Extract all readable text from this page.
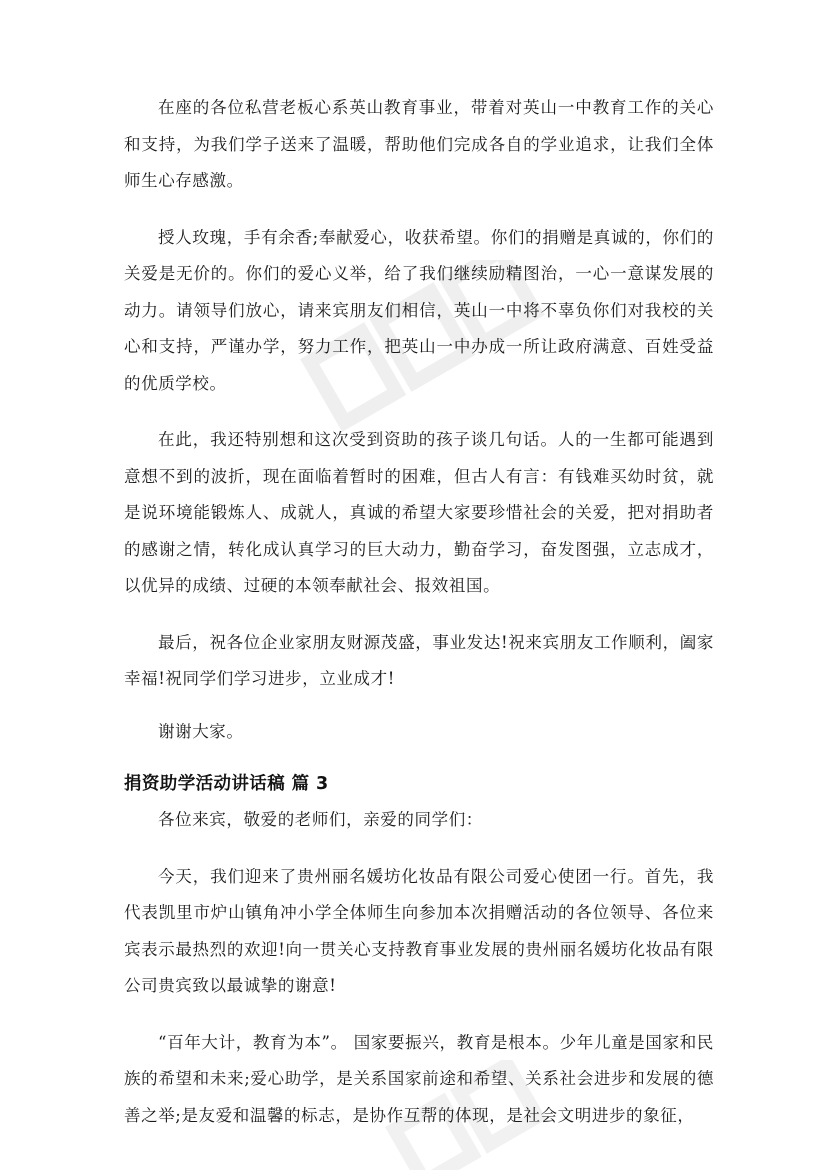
在座的各位私营老板心系英山教育事业，带着对英山一中教育工作的关心和支持，为我们学子送来了温暖，帮助他们完成各自的学业追求，让我们全体师生心存感激。

授人玫瑰，手有余香;奉献爱心，收获希望。你们的捐赠是真诚的，你们的关爱是无价的。你们的爱心义举，给了我们继续励精图治，一心一意谋发展的动力。请领导们放心，请来宾朋友们相信，英山一中将不辜负你们对我校的关心和支持，严谨办学，努力工作，把英山一中办成一所让政府满意、百姓受益的优质学校。

在此，我还特别想和这次受到资助的孩子谈几句话。人的一生都可能遇到意想不到的波折，现在面临着暂时的困难，但古人有言：有钱难买幼时贫，就是说环境能锻炼人、成就人，真诚的希望大家要珍惜社会的关爱，把对捐助者的感谢之情，转化成认真学习的巨大动力，勤奋学习，奋发图强，立志成才，以优异的成绩、过硬的本领奉献社会、报效祖国。

最后，祝各位企业家朋友财源茂盛，事业发达!祝来宾朋友工作顺利，阖家幸福!祝同学们学习进步，立业成才!

谢谢大家。

捐资助学活动讲话稿 篇 3

各位来宾，敬爱的老师们，亲爱的同学们：

今天，我们迎来了贵州丽名媛坊化妆品有限公司爱心使团一行。首先，我代表凯里市炉山镇角冲小学全体师生向参加本次捐赠活动的各位领导、各位来宾表示最热烈的欢迎!向一贯关心支持教育事业发展的贵州丽名媛坊化妆品有限公司贵宾致以最诚挚的谢意!

“百年大计，教育为本”。 国家要振兴，教育是根本。少年儿童是国家和民族的希望和未来;爱心助学，是关系国家前途和希望、关系社会进步和发展的德善之举;是友爱和温馨的标志，是协作互帮的体现，是社会文明进步的象征，
